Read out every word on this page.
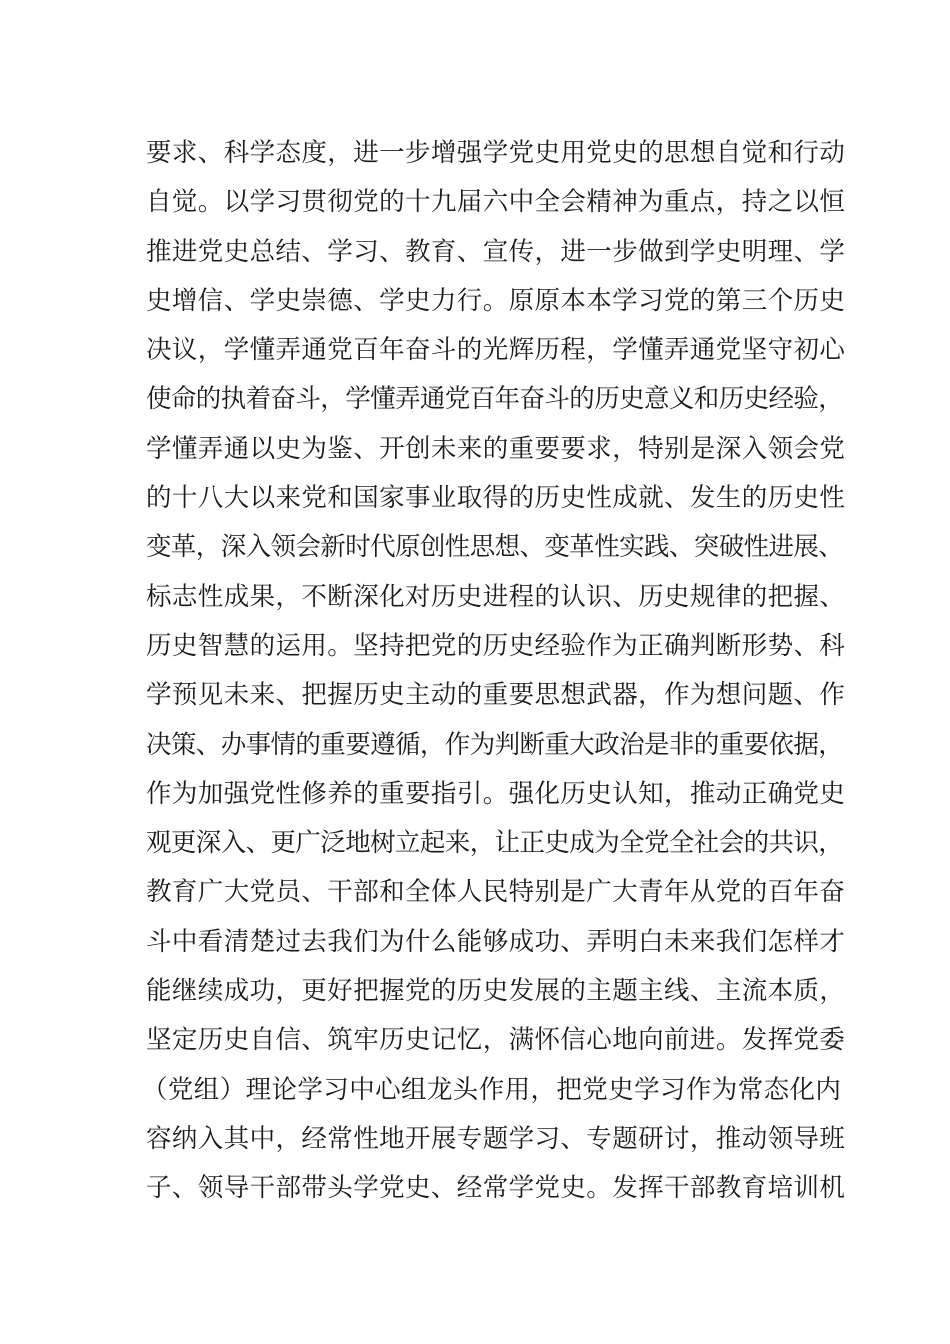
要求、科学态度，进一步增强学党史用党史的思想自觉和行动
自觉。以学习贯彻党的十九届六中全会精神为重点，持之以恒
推进党史总结、学习、教育、宣传，进一步做到学史明理、学
史增信、学史崇德、学史力行。原原本本学习党的第三个历史
决议，学懂弄通党百年奋斗的光辉历程，学懂弄通党坚守初心
使命的执着奋斗，学懂弄通党百年奋斗的历史意义和历史经验，
学懂弄通以史为鉴、开创未来的重要要求，特别是深入领会党
的十八大以来党和国家事业取得的历史性成就、发生的历史性
变革，深入领会新时代原创性思想、变革性实践、突破性进展、
标志性成果，不断深化对历史进程的认识、历史规律的把握、
历史智慧的运用。坚持把党的历史经验作为正确判断形势、科
学预见未来、把握历史主动的重要思想武器，作为想问题、作
决策、办事情的重要遵循，作为判断重大政治是非的重要依据，
作为加强党性修养的重要指引。强化历史认知，推动正确党史
观更深入、更广泛地树立起来，让正史成为全党全社会的共识，
教育广大党员、干部和全体人民特别是广大青年从党的百年奋
斗中看清楚过去我们为什么能够成功、弄明白未来我们怎样才
能继续成功，更好把握党的历史发展的主题主线、主流本质，
坚定历史自信、筑牢历史记忆，满怀信心地向前进。发挥党委
（党组）理论学习中心组龙头作用，把党史学习作为常态化内
容纳入其中，经常性地开展专题学习、专题研讨，推动领导班
子、领导干部带头学党史、经常学党史。发挥干部教育培训机
